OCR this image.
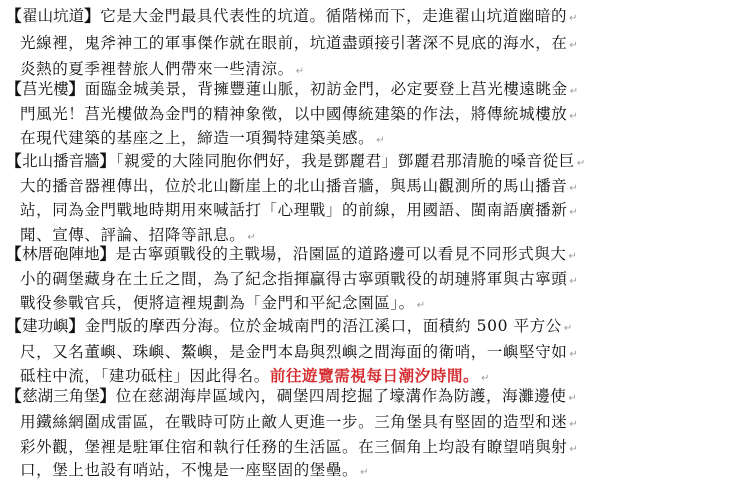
【翟山坑道】它是大金門最具代表性的坑道。循階梯而下，走進翟山坑道幽暗的 ↵
光線裡，鬼斧神工的軍事傑作就在眼前，坑道盡頭接引著深不見底的海水，在 ↵
炎熱的夏季裡替旅人們帶來一些清涼。 ↵
【莒光樓】面臨金城美景，背擁豐蓮山脈，初訪金門，必定要登上莒光樓遠眺金 ↵
門風光！莒光樓做為金門的精神象徵，以中國傳統建築的作法，將傳統城樓放 ↵
在現代建築的基座之上，締造一項獨特建築美感。 ↵
【北山播音牆】「親愛的大陸同胞你們好，我是鄧麗君」鄧麗君那清脆的嗓音從巨 ↵
大的播音器裡傳出，位於北山斷崖上的北山播音牆，與馬山觀測所的馬山播音 ↵
站，同為金門戰地時期用來喊話打「心理戰」的前線，用國語、閩南語廣播新 ↵
聞、宣傳、評論、招降等訊息。 ↵
【林厝砲陣地】是古寧頭戰役的主戰場，沿園區的道路邊可以看見不同形式與大 ↵
小的碉堡藏身在土丘之間，為了紀念指揮贏得古寧頭戰役的胡璉將軍與古寧頭 ↵
戰役參戰官兵，便將這裡規劃為「金門和平紀念園區」。 ↵
【建功嶼】金門版的摩西分海。位於金城南門的浯江溪口，面積約 500 平方公 ↵
尺，又名董嶼、珠嶼、鰲嶼，是金門本島與烈嶼之間海面的衛哨，一嶼堅守如 ↵
砥柱中流，「建功砥柱」因此得名。前往遊覽需視每日潮汐時間。 ↵
【慈湖三角堡】位在慈湖海岸區域內，碉堡四周挖掘了壕溝作為防護，海灘邊使 ↵
用鐵絲網圍成雷區，在戰時可防止敵人更進一步。三角堡具有堅固的造型和迷 ↵
彩外觀，堡裡是駐軍住宿和執行任務的生活區。在三個角上均設有瞭望哨與射 ↵
口，堡上也設有哨站，不愧是一座堅固的堡壘。 ↵
